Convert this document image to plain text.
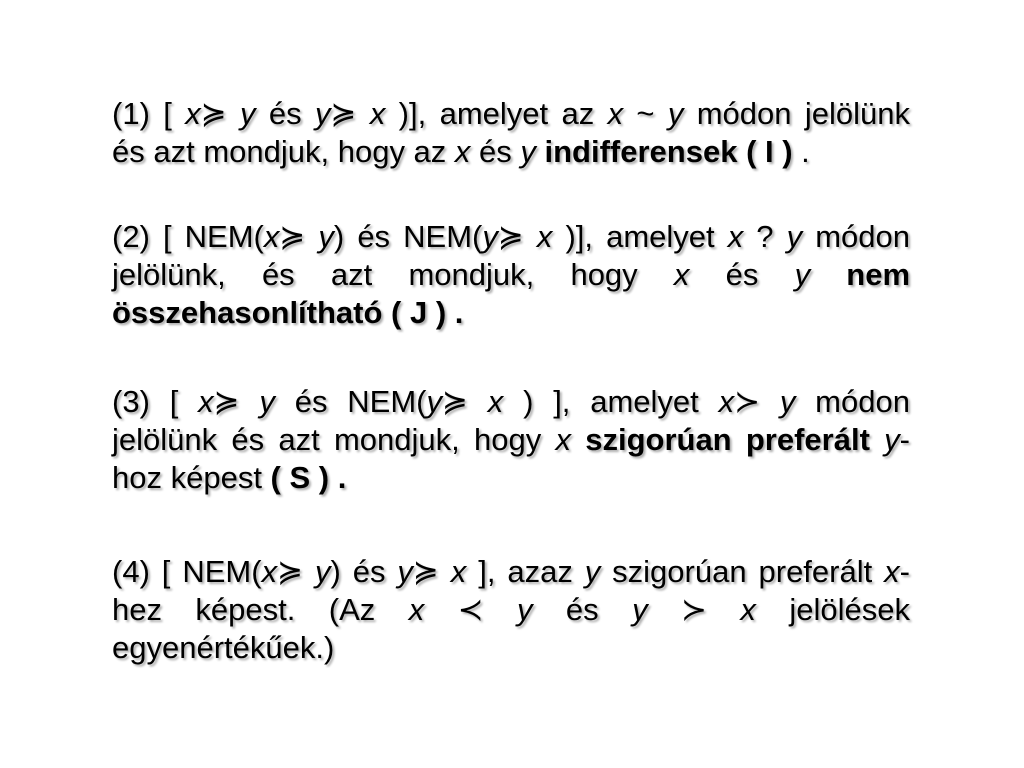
(1) [ x≽ y és y≽ x )], amelyet az x ~ y módon jelölünk
és azt mondjuk, hogy az x és y indifferensek ( I ) .
(2) [ NEM(x≽ y) és NEM(y≽ x )], amelyet x ? y módon
jelölünk, és azt mondjuk, hogy x és y nem
összehasonlítható ( J ) .
(3) [ x≽ y és NEM(y≽ x ) ], amelyet x≻ y módon
jelölünk és azt mondjuk, hogy x szigorúan preferált y-
hoz képest ( S ) .
(4) [ NEM(x≽ y) és y≽ x ], azaz y szigorúan preferált x-
hez képest. (Az x ≺ y és y ≻ x jelölések
egyenértékűek.)
